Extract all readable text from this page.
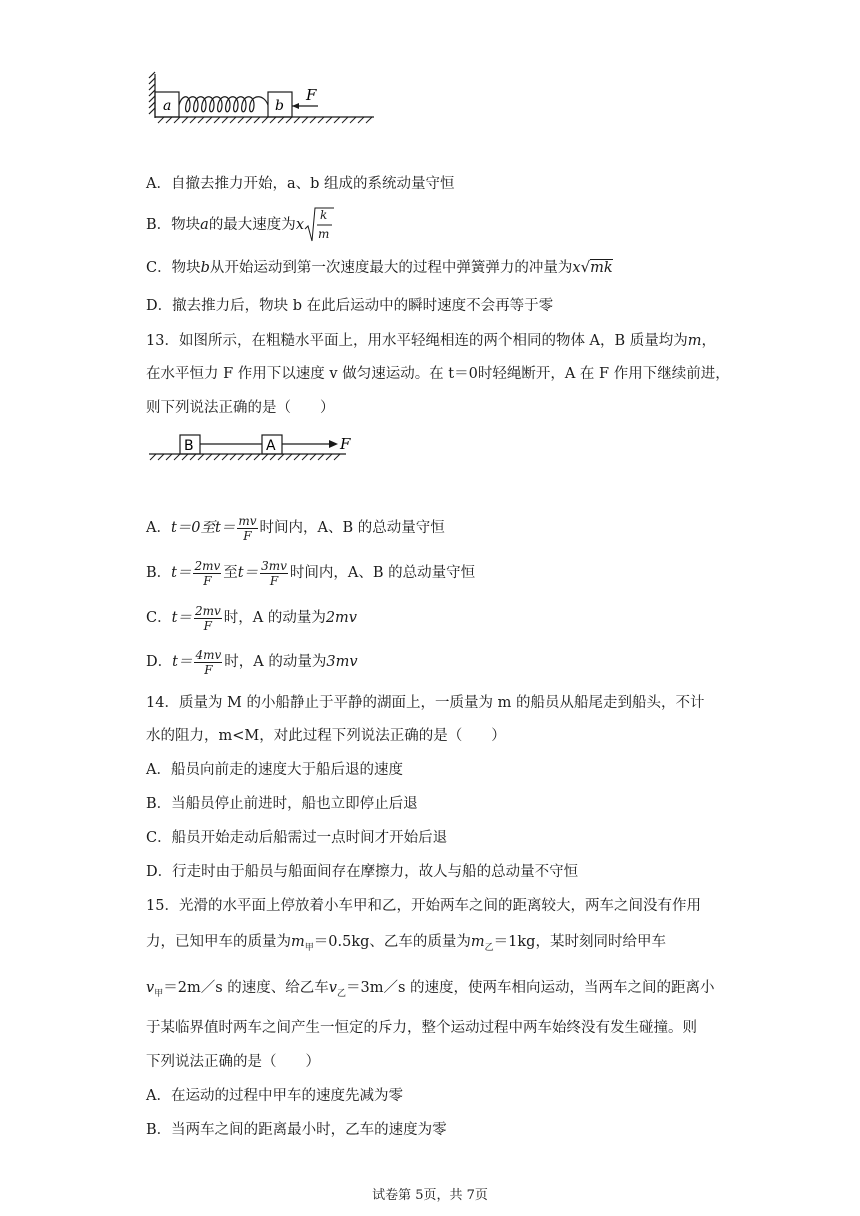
a	b
F
A．自撤去推力开始，a、b 组成的系统动量守恒
B．物块a的最大速度为x
k
m
C．物块b从开始运动到第一次速度最大的过程中弹簧弹力的冲量为x√mk
D．撤去推力后，物块 b 在此后运动中的瞬时速度不会再等于零
13．如图所示，在粗糙水平面上，用水平轻绳相连的两个相同的物体 A，B 质量均为m，
在水平恒力 F 作用下以速度 v 做匀速运动。在 t＝0时轻绳断开，A 在 F 作用下继续前进，
则下列说法正确的是（　　）
B	A	F
A．t＝0至$t= \frac{mv}{F}$ 时间内，A、B 的总动量守恒
B．$t= \frac{2mv}{F}$ 至$t= \frac{3mv}{F}$ 时间内，A、B 的总动量守恒
C．$t= \frac{2mv}{F}$ 时，A 的动量为2mv
D．$t= \frac{4mv}{F}$ 时，A 的动量为3mv
14．质量为 M 的小船静止于平静的湖面上，一质量为 m 的船员从船尾走到船头，不计
水的阻力，m<M，对此过程下列说法正确的是（　　）
A．船员向前走的速度大于船后退的速度
B．当船员停止前进时，船也立即停止后退
C．船员开始走动后船需过一点时间才开始后退
D．行走时由于船员与船面间存在摩擦力，故人与船的总动量不守恒
15．光滑的水平面上停放着小车甲和乙，开始两车之间的距离较大，两车之间没有作用
力，已知甲车的质量为$m_甲=0.5kg$、乙车的质量为$m_乙=1kg$，某时刻同时给甲车
$v_甲=2m/s$ 的速度、给乙车$v_乙=3m/s$ 的速度，使两车相向运动，当两车之间的距离小
于某临界值时两车之间产生一恒定的斥力，整个运动过程中两车始终没有发生碰撞。则
下列说法正确的是（　　）
A．在运动的过程中甲车的速度先减为零
B．当两车之间的距离最小时，乙车的速度为零
试卷第 5页，共 7页
